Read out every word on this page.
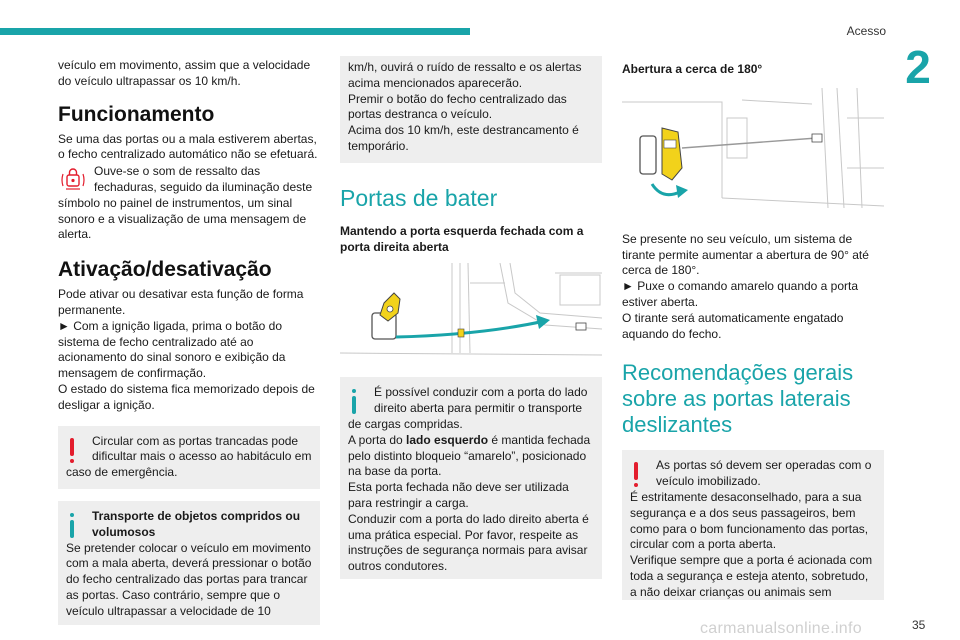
Acesso
2

veículo em movimento, assim que a velocidade do veículo ultrapassar os 10 km/h.

Funcionamento

Se uma das portas ou a mala estiverem abertas, o fecho centralizado automático não se efetuará.

Ouve-se o som de ressalto das

fechaduras, seguido da iluminação deste

símbolo no painel de instrumentos, um sinal sonoro e a visualização de uma mensagem de alerta.

Ativação/desativação

Pode ativar ou desativar esta função de forma permanente.

► Com a ignição ligada, prima o botão do sistema de fecho centralizado até ao acionamento do sinal sonoro e exibição da mensagem de confirmação.

O estado do sistema fica memorizado depois de desligar a ignição.

Circular com as portas trancadas pode

dificultar mais o acesso ao habitáculo em

caso de emergência.

Transporte de objetos compridos ou

volumosos

Se pretender colocar o veículo em movimento com a mala aberta, deverá pressionar o botão do fecho centralizado das portas para trancar as portas. Caso contrário, sempre que o veículo ultrapassar a velocidade de 10

km/h, ouvirá o ruído de ressalto e os alertas acima mencionados aparecerão.

Premir o botão do fecho centralizado das portas destranca o veículo.

Acima dos 10 km/h, este destrancamento é temporário.

Portas de bater

Mantendo a porta esquerda fechada com a porta direita aberta

É possível conduzir com a porta do lado

direito aberta para permitir o transporte

de cargas compridas.

A porta do lado esquerdo é mantida fechada pelo distinto bloqueio “amarelo”, posicionado na base da porta.

Esta porta fechada não deve ser utilizada para restringir a carga.

Conduzir com a porta do lado direito aberta é uma prática especial. Por favor, respeite as instruções de segurança normais para avisar outros condutores.

Abertura a cerca de 180°

Se presente no seu veículo, um sistema de tirante permite aumentar a abertura de 90° até cerca de 180°.

► Puxe o comando amarelo quando a porta estiver aberta.

O tirante será automaticamente engatado aquando do fecho.

Recomendações gerais sobre as portas laterais deslizantes

As portas só devem ser operadas com o

veículo imobilizado.

É estritamente desaconselhado, para a sua segurança e a dos seus passageiros, bem como para o bom funcionamento das portas, circular com a porta aberta.

Verifique sempre que a porta é acionada com toda a segurança e esteja atento, sobretudo, a não deixar crianças ou animais sem

carmanualsonline.info	35
